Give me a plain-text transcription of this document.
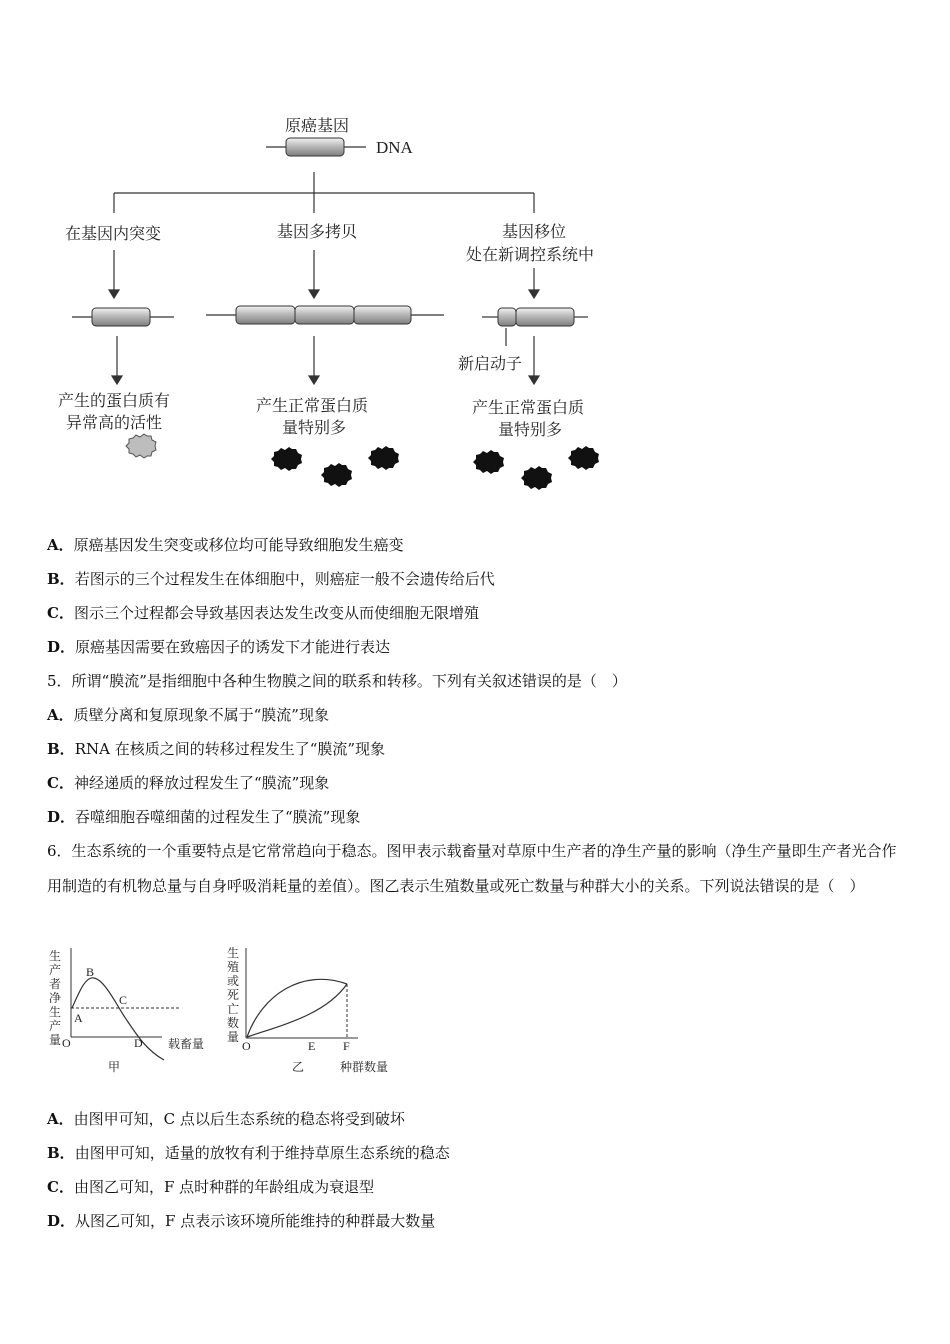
原癌基因
DNA
在基因内突变	基因多拷贝	基因移位
处在新调控系统中
新启动子
产生的蛋白质有
异常高的活性
产生正常蛋白质
量特别多
产生正常蛋白质
量特别多
A．原癌基因发生突变或移位均可能导致细胞发生癌变
B．若图示的三个过程发生在体细胞中，则癌症一般不会遗传给后代
C．图示三个过程都会导致基因表达发生改变从而使细胞无限增殖
D．原癌基因需要在致癌因子的诱发下才能进行表达
5．所谓“膜流”是指细胞中各种生物膜之间的联系和转移。下列有关叙述错误的是（　）
A．质壁分离和复原现象不属于“膜流”现象
B．RNA 在核质之间的转移过程发生了“膜流”现象
C．神经递质的释放过程发生了“膜流”现象
D．吞噬细胞吞噬细菌的过程发生了“膜流”现象
6．生态系统的一个重要特点是它常常趋向于稳态。图甲表示载畜量对草原中生产者的净生产量的影响（净生产量即生产者光合作用制造的有机物总量与自身呼吸消耗量的差值）。图乙表示生殖数量或死亡数量与种群大小的关系。下列说法错误的是（　）
生
产
者
净
生
产
量 O
A
B
C
D 载畜量
甲
生
殖
或
死
亡
数
量
O	E F
乙	种群数量
A．由图甲可知，C 点以后生态系统的稳态将受到破坏
B．由图甲可知，适量的放牧有利于维持草原生态系统的稳态
C．由图乙可知，F 点时种群的年龄组成为衰退型
D．从图乙可知，F 点表示该环境所能维持的种群最大数量
